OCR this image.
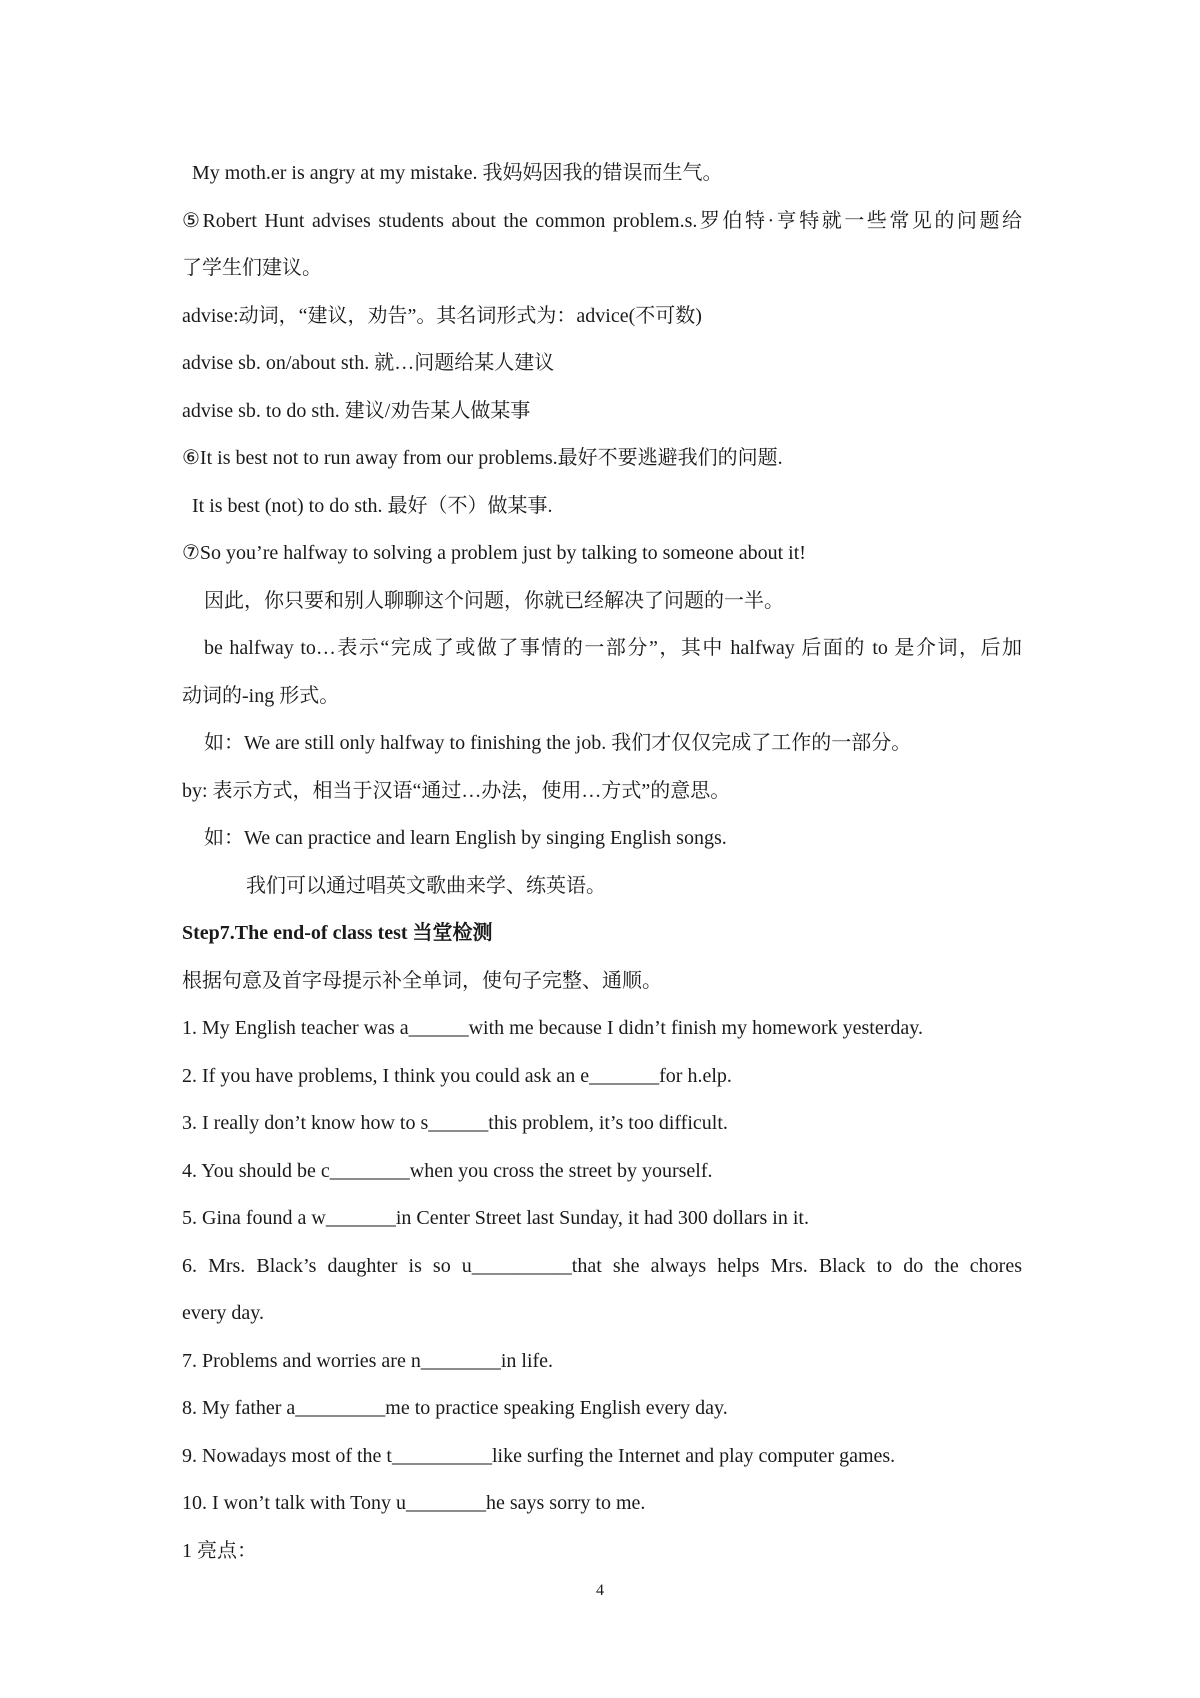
My moth.er is angry at my mistake. 我妈妈因我的错误而生气。
⑤Robert Hunt advises students about the common problem.s.罗伯特·亨特就一些常见的问题给
了学生们建议。
advise:动词，“建议，劝告”。其名词形式为：advice(不可数)
advise sb. on/about sth. 就…问题给某人建议
advise sb. to do sth. 建议/劝告某人做某事
⑥It is best not to run away from our problems.最好不要逃避我们的问题.
It is best (not) to do sth. 最好（不）做某事.
⑦So you’re halfway to solving a problem just by talking to someone about it!
因此，你只要和别人聊聊这个问题，你就已经解决了问题的一半。
be halfway to…表示“完成了或做了事情的一部分”，其中 halfway 后面的 to 是介词，后加
动词的-ing 形式。
如：We are still only halfway to finishing the job. 我们才仅仅完成了工作的一部分。
by: 表示方式，相当于汉语“通过…办法，使用…方式”的意思。
如：We can practice and learn English by singing English songs.
我们可以通过唱英文歌曲来学、练英语。
Step7.The end-of class test 当堂检测
根据句意及首字母提示补全单词，使句子完整、通顺。
1. My English teacher was a______with me because I didn’t finish my homework yesterday.
2. If you have problems, I think you could ask an e_______for h.elp.
3. I really don’t know how to s______this problem, it’s too difficult.
4. You should be c________when you cross the street by yourself.
5. Gina found a w_______in Center Street last Sunday, it had 300 dollars in it.
6. Mrs. Black’s daughter is so u__________that she always helps Mrs. Black to do the chores
every day.
7. Problems and worries are n________in life.
8. My father a_________me to practice speaking English every day.
9. Nowadays most of the t__________like surfing the Internet and play computer games.
10. I won’t talk with Tony u________he says sorry to me.
1 亮点：
4
